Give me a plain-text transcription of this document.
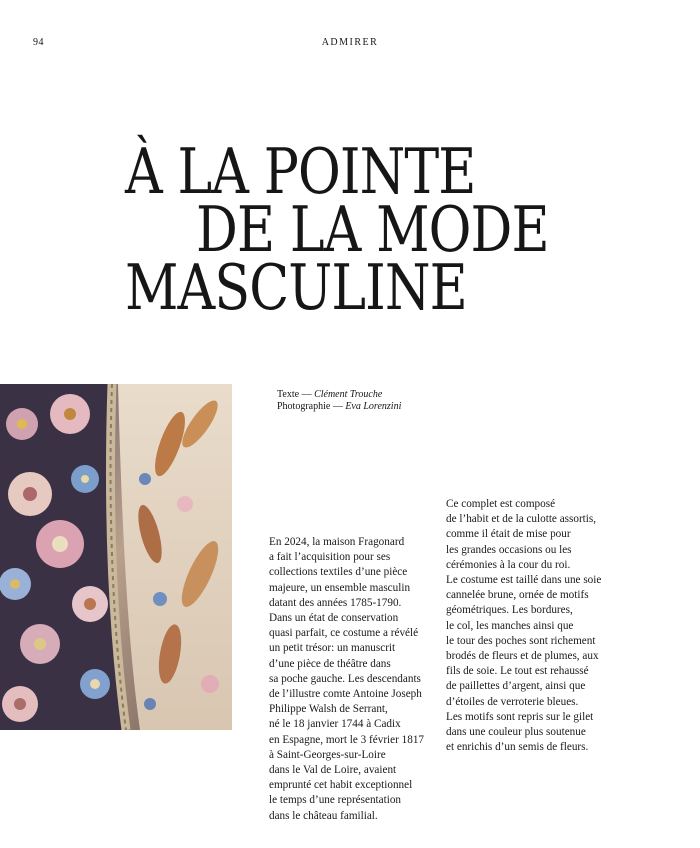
94	ADMIRER
À LA POINTE
DE LA MODE
MASCULINE
Texte — Clément Trouche
Photographie — Eva Lorenzini

En 2024, la maison Fragonard

a fait l’acquisition pour ses

collections textiles d’une pièce

majeure, un ensemble masculin

datant des années 1785-1790.

Dans un état de conservation

quasi parfait, ce costume a révélé

un petit trésor: un manuscrit

d’une pièce de théâtre dans

sa poche gauche. Les descendants

de l’illustre comte Antoine Joseph

Philippe Walsh de Serrant,

né le 18 janvier 1744 à Cadix

en Espagne, mort le 3 février 1817

à Saint-Georges-sur-Loire

dans le Val de Loire, avaient

emprunté cet habit exceptionnel

le temps d’une représentation

dans le château familial.

Ce complet est composé

de l’habit et de la culotte assortis,

comme il était de mise pour

les grandes occasions ou les

cérémonies à la cour du roi.

Le costume est taillé dans une soie

cannelée brune, ornée de motifs

géométriques. Les bordures,

le col, les manches ainsi que

le tour des poches sont richement

brodés de fleurs et de plumes, aux

fils de soie. Le tout est rehaussé

de paillettes d’argent, ainsi que

d’étoiles de verroterie bleues.

Les motifs sont repris sur le gilet

dans une couleur plus soutenue

et enrichis d’un semis de fleurs.
